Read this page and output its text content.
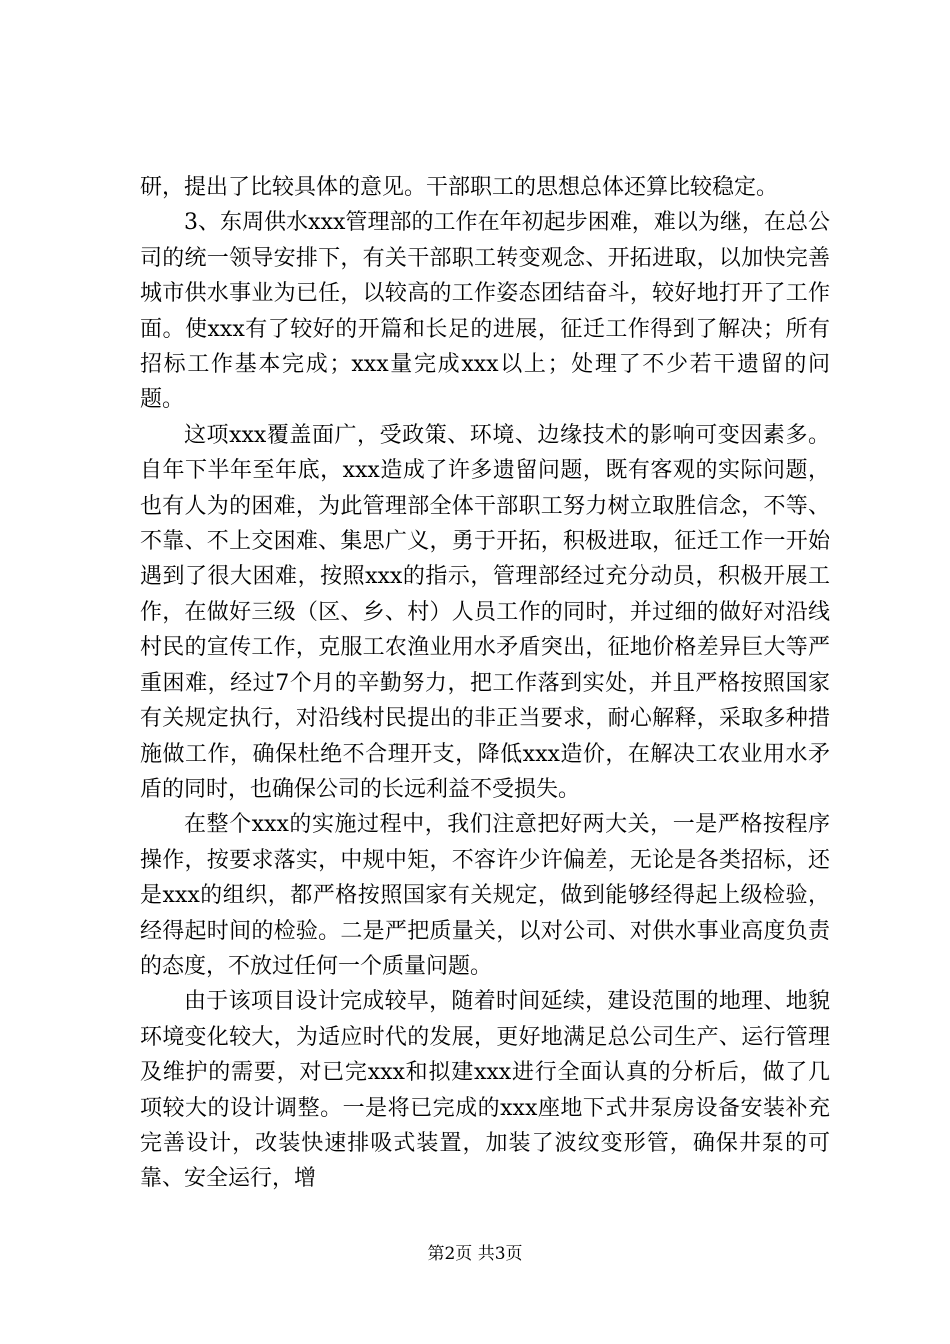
研，提出了比较具体的意见。干部职工的思想总体还算比较稳定。

3、东周供水xxx管理部的工作在年初起步困难，难以为继，在总公司的统一领导安排下，有关干部职工转变观念、开拓进取，以加快完善城市供水事业为已任，以较高的工作姿态团结奋斗，较好地打开了工作面。使xxx有了较好的开篇和长足的进展，征迁工作得到了解决；所有招标工作基本完成；xxx量完成xxx以上；处理了不少若干遗留的问题。

这项xxx覆盖面广，受政策、环境、边缘技术的影响可变因素多。自年下半年至年底，xxx造成了许多遗留问题，既有客观的实际问题，也有人为的困难，为此管理部全体干部职工努力树立取胜信念，不等、不靠、不上交困难、集思广义，勇于开拓，积极进取，征迁工作一开始遇到了很大困难，按照xxx的指示，管理部经过充分动员，积极开展工作，在做好三级（区、乡、村）人员工作的同时，并过细的做好对沿线村民的宣传工作，克服工农渔业用水矛盾突出，征地价格差异巨大等严重困难，经过7个月的辛勤努力，把工作落到实处，并且严格按照国家有关规定执行，对沿线村民提出的非正当要求，耐心解释，采取多种措施做工作，确保杜绝不合理开支，降低xxx造价，在解决工农业用水矛盾的同时，也确保公司的长远利益不受损失。

在整个xxx的实施过程中，我们注意把好两大关，一是严格按程序操作，按要求落实，中规中矩，不容许少许偏差，无论是各类招标，还是xxx的组织，都严格按照国家有关规定，做到能够经得起上级检验，经得起时间的检验。二是严把质量关，以对公司、对供水事业高度负责的态度，不放过任何一个质量问题。

由于该项目设计完成较早，随着时间延续，建设范围的地理、地貌环境变化较大，为适应时代的发展，更好地满足总公司生产、运行管理及维护的需要，对已完xxx和拟建xxx进行全面认真的分析后，做了几项较大的设计调整。一是将已完成的xxx座地下式井泵房设备安装补充完善设计，改装快速排吸式装置，加装了波纹变形管，确保井泵的可靠、安全运行，增

第2页 共3页
